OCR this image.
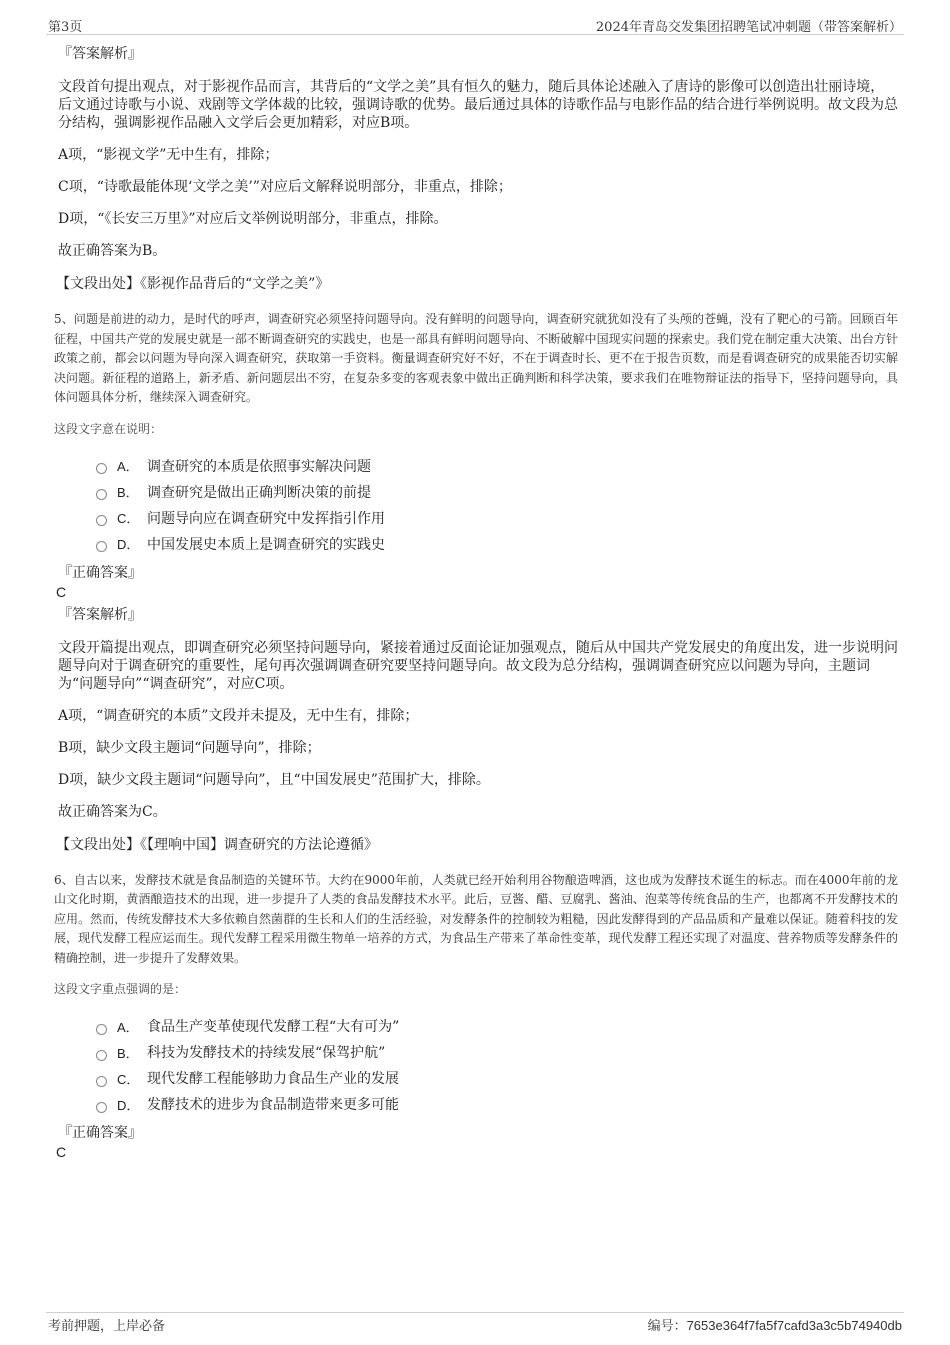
第3页	2024年青岛交发集团招聘笔试冲刺题（带答案解析）
『答案解析』

文段首句提出观点，对于影视作品而言，其背后的“文学之美”具有恒久的魅力，随后具体论述融入了唐诗的影像可以创造出壮丽诗境，后文通过诗歌与小说、戏剧等文学体裁的比较，强调诗歌的优势。最后通过具体的诗歌作品与电影作品的结合进行举例说明。故文段为总分结构，强调影视作品融入文学后会更加精彩，对应B项。

A项，“影视文学”无中生有，排除；

C项，“诗歌最能体现‘文学之美’”对应后文解释说明部分，非重点，排除；

D项，“《长安三万里》”对应后文举例说明部分，非重点，排除。

故正确答案为B。

【文段出处】《影视作品背后的“文学之美”》
5、问题是前进的动力，是时代的呼声，调查研究必须坚持问题导向。没有鲜明的问题导向，调查研究就犹如没有了头颅的苍蝇，没有了靶心的弓箭。回顾百年征程，中国共产党的发展史就是一部不断调查研究的实践史，也是一部具有鲜明问题导向、不断破解中国现实问题的探索史。我们党在制定重大决策、出台方针政策之前，都会以问题为导向深入调查研究，获取第一手资料。衡量调查研究好不好，不在于调查时长、更不在于报告页数，而是看调查研究的成果能否切实解决问题。新征程的道路上，新矛盾、新问题层出不穷，在复杂多变的客观表象中做出正确判断和科学决策，要求我们在唯物辩证法的指导下，坚持问题导向，具体问题具体分析，继续深入调查研究。
这段文字意在说明：
A． 调查研究的本质是依照事实解决问题
B． 调查研究是做出正确判断决策的前提
C． 问题导向应在调查研究中发挥指引作用
D． 中国发展史本质上是调查研究的实践史
『正确答案』
C
『答案解析』

文段开篇提出观点，即调查研究必须坚持问题导向，紧接着通过反面论证加强观点，随后从中国共产党发展史的角度出发，进一步说明问题导向对于调查研究的重要性，尾句再次强调调查研究要坚持问题导向。故文段为总分结构，强调调查研究应以问题为导向，主题词为“问题导向”“调查研究”，对应C项。

A项，“调查研究的本质”文段并未提及，无中生有，排除；

B项，缺少文段主题词“问题导向”，排除；

D项，缺少文段主题词“问题导向”，且“中国发展史”范围扩大，排除。

故正确答案为C。

【文段出处】《【理响中国】调查研究的方法论遵循》
6、自古以来，发酵技术就是食品制造的关键环节。大约在9000年前，人类就已经开始利用谷物酿造啤酒，这也成为发酵技术诞生的标志。而在4000年前的龙山文化时期，黄酒酿造技术的出现，进一步提升了人类的食品发酵技术水平。此后，豆酱、醋、豆腐乳、酱油、泡菜等传统食品的生产，也都离不开发酵技术的应用。然而，传统发酵技术大多依赖自然菌群的生长和人们的生活经验，对发酵条件的控制较为粗糙，因此发酵得到的产品品质和产量难以保证。随着科技的发展，现代发酵工程应运而生。现代发酵工程采用微生物单一培养的方式，为食品生产带来了革命性变革，现代发酵工程还实现了对温度、营养物质等发酵条件的精确控制，进一步提升了发酵效果。
这段文字重点强调的是：
A． 食品生产变革使现代发酵工程“大有可为”
B． 科技为发酵技术的持续发展“保驾护航”
C． 现代发酵工程能够助力食品生产业的发展
D． 发酵技术的进步为食品制造带来更多可能
『正确答案』
C
考前押题，上岸必备	编号：7653e364f7fa5f7cafd3a3c5b74940db
